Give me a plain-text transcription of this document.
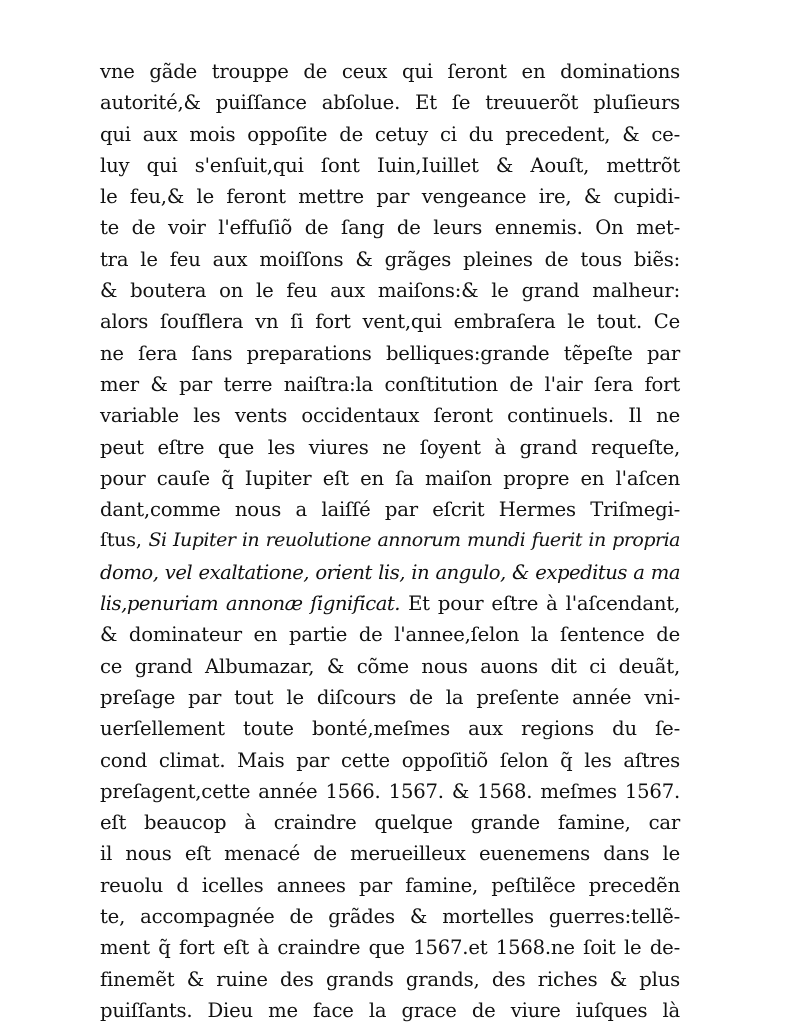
vne gãde trouppe de ceux qui ſeront en dominations
autorité,& puiſſance abſolue. Et ſe treuuerõt pluſieurs
qui aux mois oppoſite de cetuy ci du precedent, & ce-
luy qui s'enſuit,qui ſont Iuin,Iuillet & Aouſt, mettrõt
le feu,& le feront mettre par vengeance ire, & cupidi-
te de voir l'effuſiõ de ſang de leurs ennemis. On met-
tra le feu aux moiſſons & grãges pleines de tous biẽs:
& boutera on le feu aux maiſons:& le grand malheur:
alors ſouſflera vn ſi fort vent,qui embraſera le tout. Ce
ne ſera ſans preparations belliques:grande tẽpeſte par
mer & par terre naiſtra:la conſtitution de l'air ſera fort
variable les vents occidentaux ſeront continuels. Il ne
peut eſtre que les viures ne ſoyent à grand requeſte,
pour cauſe q̃ Iupiter eſt en ſa maiſon propre en l'aſcen
dant,comme nous a laiſſé par eſcrit Hermes Triſmegi-
ſtus, Si Iupiter in reuolutione annorum mundi fuerit in propria
domo, vel exaltatione, orient lis, in angulo, & expeditus a ma
lis,penuriam annonæ ſignificat. Et pour eſtre à l'aſcendant,
& dominateur en partie de l'annee,ſelon la ſentence de
ce grand Albumazar, & cõme nous auons dit ci deuãt,
preſage par tout le diſcours de la preſente année vni-
uerſellement toute bonté,meſmes aux regions du ſe-
cond climat. Mais par cette oppoſitiõ ſelon q̃ les aſtres
preſagent,cette année 1566. 1567. & 1568. meſmes 1567.
eſt beaucop à craindre quelque grande famine, car
il nous eſt menacé de merueilleux euenemens dans le
reuolu d icelles annees par famine, peſtilẽce precedẽn
te, accompagnée de grãdes & mortelles guerres:tellẽ-
ment q̃ fort eſt à craindre que 1567.et 1568.ne ſoit le de-
finemẽt & ruine des grands grands, des riches & plus
puiſſants. Dieu me face la grace de viure iuſques là
